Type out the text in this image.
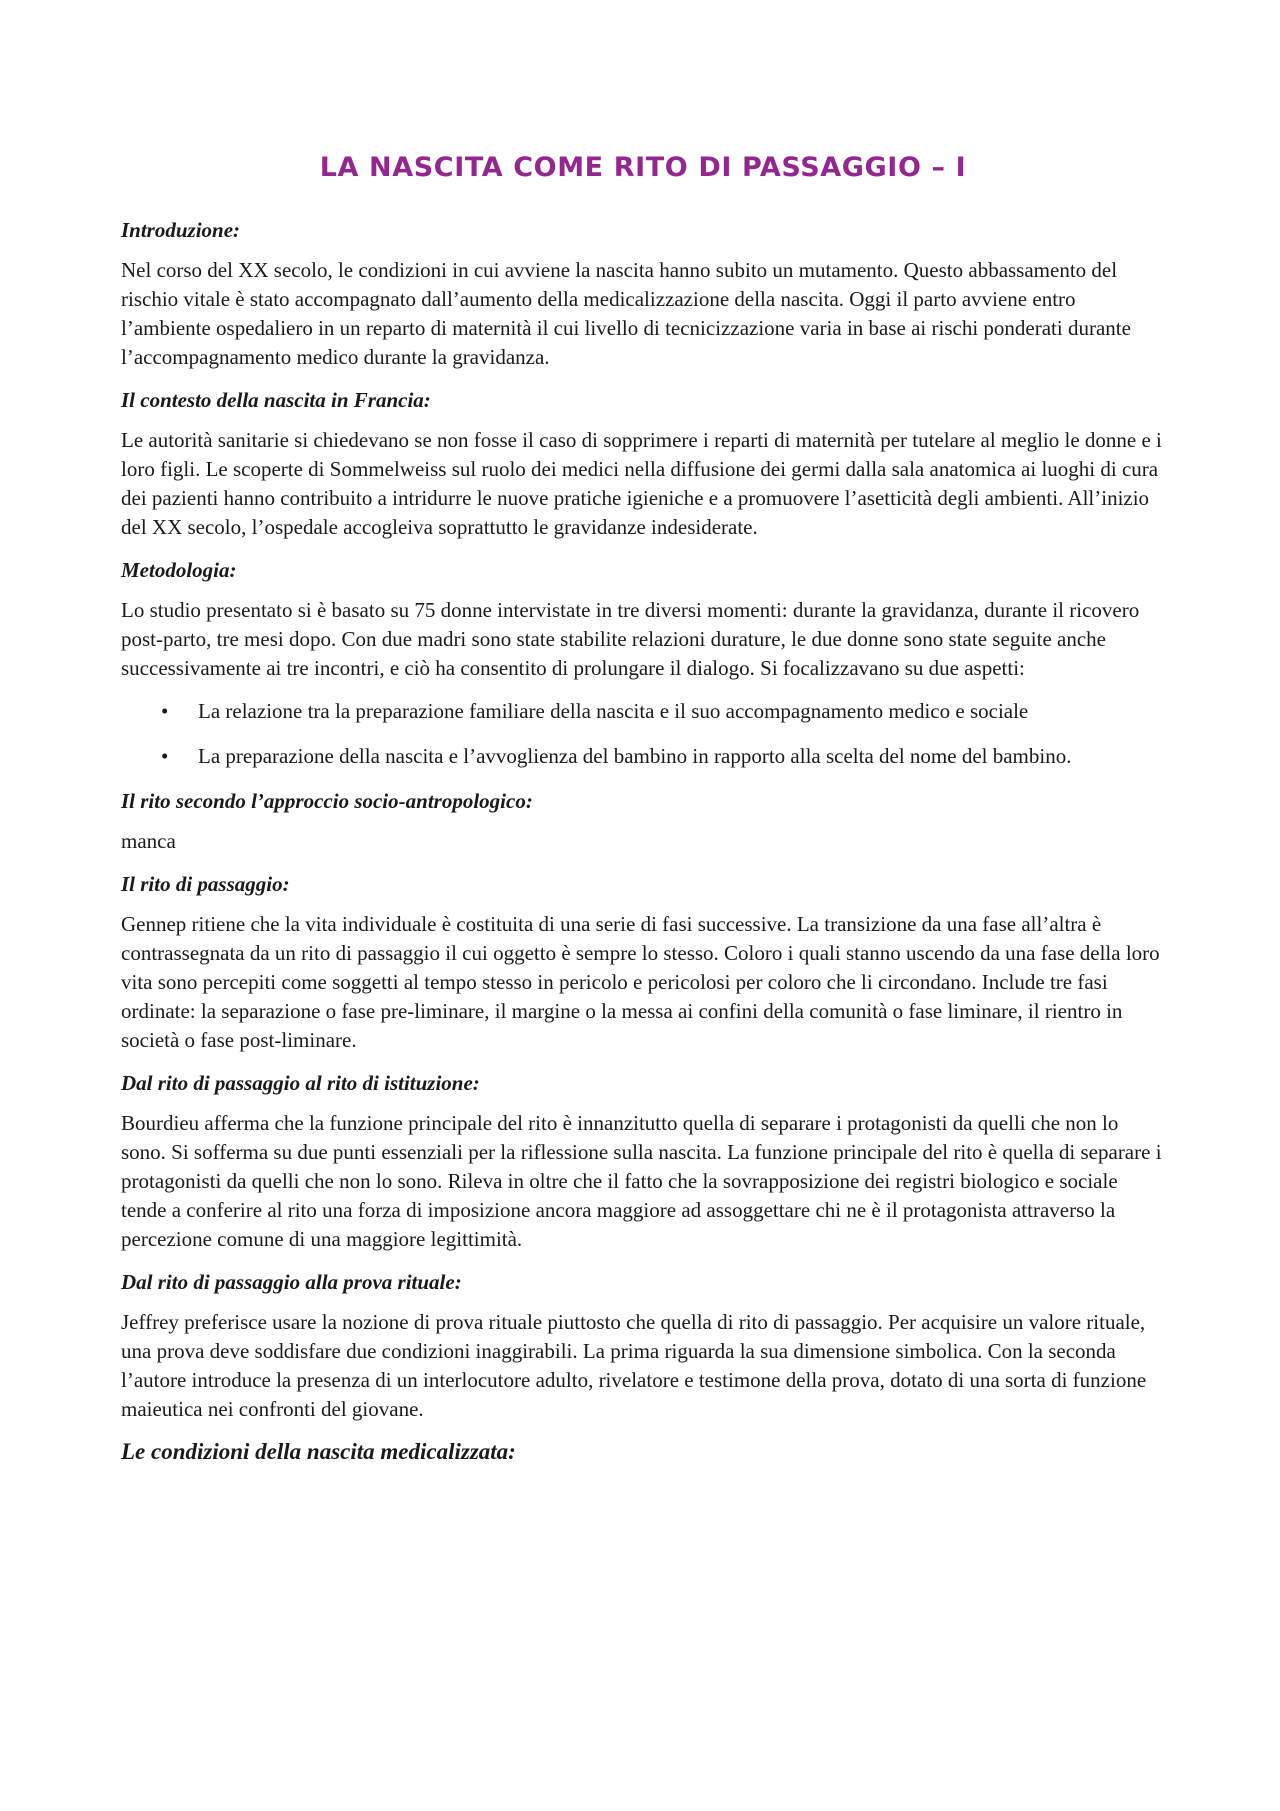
LA NASCITA COME RITO DI PASSAGGIO – I
Introduzione:

Nel corso del XX secolo, le condizioni in cui avviene la nascita hanno subito un mutamento. Questo abbassamento del rischio vitale è stato accompagnato dall’aumento della medicalizzazione della nascita. Oggi il parto avviene entro l’ambiente ospedaliero in un reparto di maternità il cui livello di tecnicizzazione varia in base ai rischi ponderati durante l’accompagnamento medico durante la gravidanza.

Il contesto della nascita in Francia:

Le autorità sanitarie si chiedevano se non fosse il caso di sopprimere i reparti di maternità per tutelare al meglio le donne e i loro figli. Le scoperte di Sommelweiss sul ruolo dei medici nella diffusione dei germi dalla sala anatomica ai luoghi di cura dei pazienti hanno contribuito a intridurre le nuove pratiche igieniche e a promuovere l’asetticità degli ambienti. All’inizio del XX secolo, l’ospedale accogleiva soprattutto le gravidanze indesiderate.

Metodologia:

Lo studio presentato si è basato su 75 donne intervistate in tre diversi momenti: durante la gravidanza, durante il ricovero post-parto, tre mesi dopo. Con due madri sono state stabilite relazioni durature, le due donne sono state seguite anche successivamente ai tre incontri, e ciò ha consentito di prolungare il dialogo. Si focalizzavano su due aspetti:

• La relazione tra la preparazione familiare della nascita e il suo accompagnamento medico e sociale
• La preparazione della nascita e l’avvoglienza del bambino in rapporto alla scelta del nome del bambino.
Il rito secondo l’approccio socio-antropologico:

manca

Il rito di passaggio:

Gennep ritiene che la vita individuale è costituita di una serie di fasi successive. La transizione da una fase all’altra è contrassegnata da un rito di passaggio il cui oggetto è sempre lo stesso. Coloro i quali stanno uscendo da una fase della loro vita sono percepiti come soggetti al tempo stesso in pericolo e pericolosi per coloro che li circondano. Include tre fasi ordinate: la separazione o fase pre-liminare, il margine o la messa ai confini della comunità o fase liminare, il rientro in società o fase post-liminare.

Dal rito di passaggio al rito di istituzione:

Bourdieu afferma che la funzione principale del rito è innanzitutto quella di separare i protagonisti da quelli che non lo sono. Si sofferma su due punti essenziali per la riflessione sulla nascita. La funzione principale del rito è quella di separare i protagonisti da quelli che non lo sono. Rileva in oltre che il fatto che la sovrapposizione dei registri biologico e sociale tende a conferire al rito una forza di imposizione ancora maggiore ad assoggettare chi ne è il protagonista attraverso la percezione comune di una maggiore legittimità.

Dal rito di passaggio alla prova rituale:

Jeffrey preferisce usare la nozione di prova rituale piuttosto che quella di rito di passaggio. Per acquisire un valore rituale, una prova deve soddisfare due condizioni inaggirabili. La prima riguarda la sua dimensione simbolica. Con la seconda l’autore introduce la presenza di un interlocutore adulto, rivelatore e testimone della prova, dotato di una sorta di funzione maieutica nei confronti del giovane.

Le condizioni della nascita medicalizzata:
